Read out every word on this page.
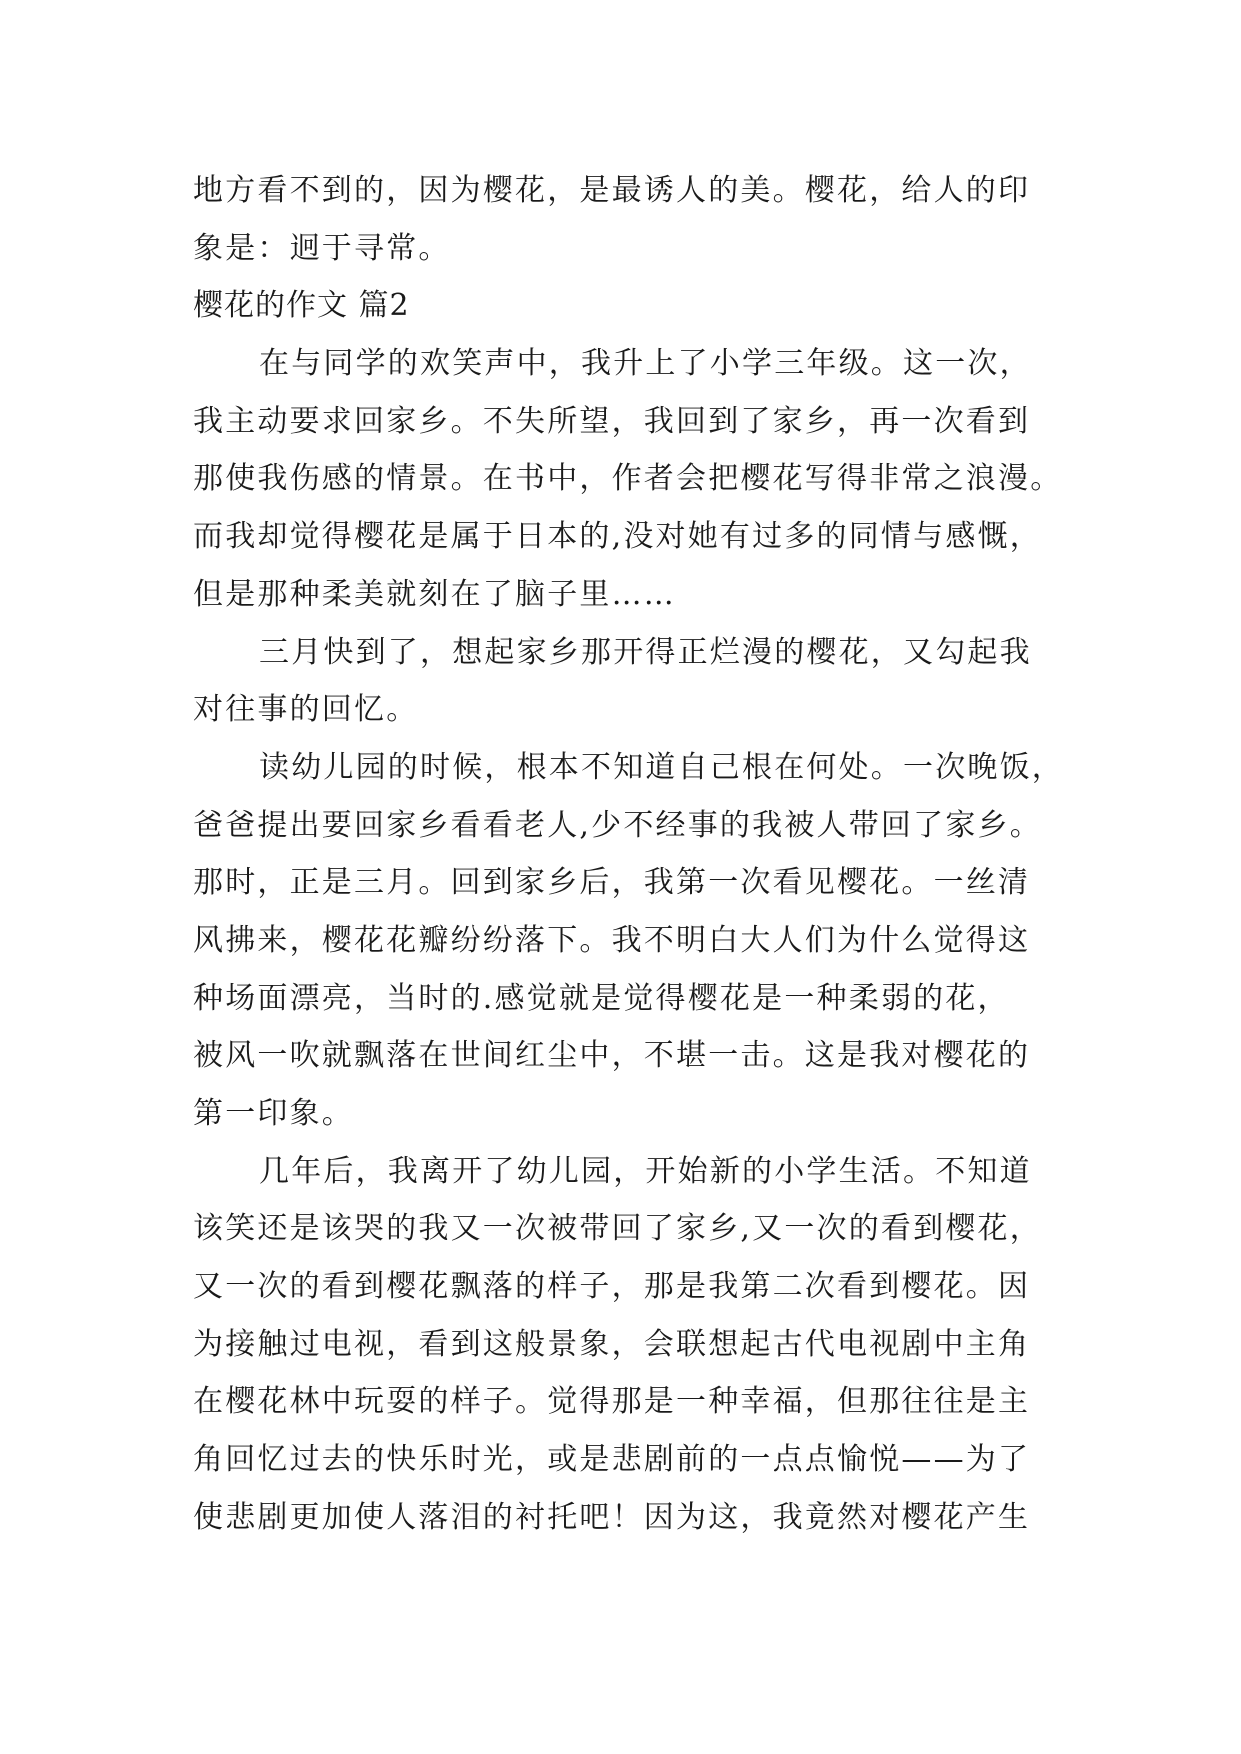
地方看不到的，因为樱花，是最诱人的美。樱花，给人的印
象是：迥于寻常。
樱花的作文 篇2
在与同学的欢笑声中，我升上了小学三年级。这一次，
我主动要求回家乡。不失所望，我回到了家乡，再一次看到
那使我伤感的情景。在书中，作者会把樱花写得非常之浪漫。
而我却觉得樱花是属于日本的,没对她有过多的同情与感慨，
但是那种柔美就刻在了脑子里……
三月快到了，想起家乡那开得正烂漫的樱花，又勾起我
对往事的回忆。
读幼儿园的时候，根本不知道自己根在何处。一次晚饭，
爸爸提出要回家乡看看老人,少不经事的我被人带回了家乡。
那时，正是三月。回到家乡后，我第一次看见樱花。一丝清
风拂来，樱花花瓣纷纷落下。我不明白大人们为什么觉得这
种场面漂亮，当时的.感觉就是觉得樱花是一种柔弱的花，
被风一吹就飘落在世间红尘中，不堪一击。这是我对樱花的
第一印象。
几年后，我离开了幼儿园，开始新的小学生活。不知道
该笑还是该哭的我又一次被带回了家乡,又一次的看到樱花，
又一次的看到樱花飘落的样子，那是我第二次看到樱花。因
为接触过电视，看到这般景象，会联想起古代电视剧中主角
在樱花林中玩耍的样子。觉得那是一种幸福，但那往往是主
角回忆过去的快乐时光，或是悲剧前的一点点愉悦——为了
使悲剧更加使人落泪的衬托吧！因为这，我竟然对樱花产生
